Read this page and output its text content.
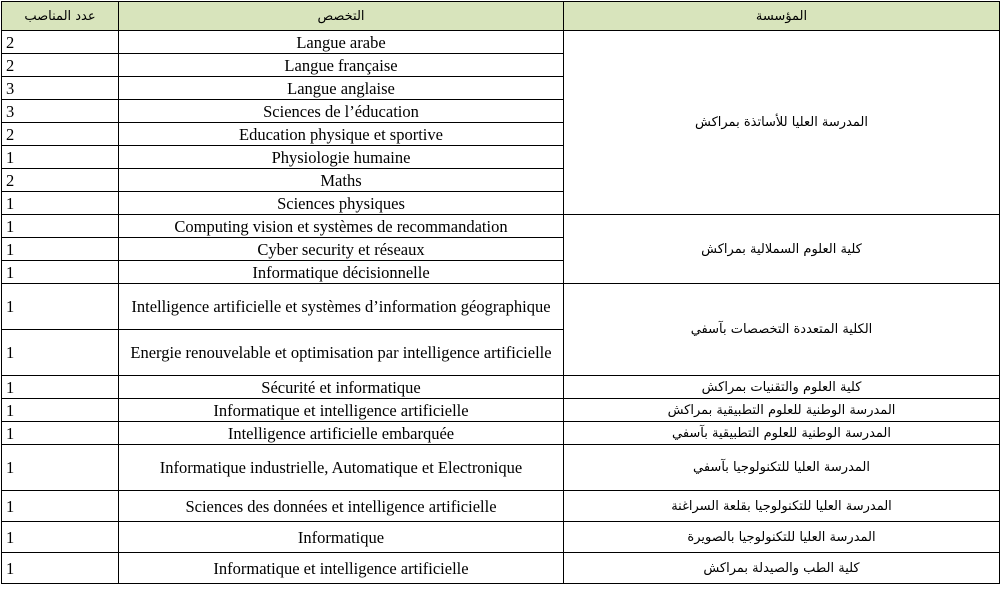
عدد المناصب	التخصص	المؤسسة
2	Langue arabe	المدرسة العليا للأساتذة بمراكش
2	Langue française	
3	Langue anglaise	
3	Sciences de l’éducation	
2	Education physique et sportive	
1	Physiologie humaine	
2	Maths	
1	Sciences physiques	
1	Computing vision et systèmes de recommandation	كلية العلوم السملالية بمراكش
1	Cyber security et réseaux	
1	Informatique décisionnelle	
1	Intelligence artificielle et systèmes d’information géographique	الكلية المتعددة التخصصات بآسفي
1	Energie renouvelable et optimisation par intelligence artificielle	
1	Sécurité et informatique	كلية العلوم والتقنيات بمراكش
1	Informatique et intelligence artificielle	المدرسة الوطنية للعلوم التطبيقية بمراكش
1	Intelligence artificielle embarquée	المدرسة الوطنية للعلوم التطبيقية بآسفي
1	Informatique industrielle, Automatique et Electronique	المدرسة العليا للتكنولوجيا بآسفي
1	Sciences des données et intelligence artificielle	المدرسة العليا للتكنولوجيا بقلعة السراغنة
1	Informatique	المدرسة العليا للتكنولوجيا بالصويرة
1	Informatique et intelligence artificielle	كلية الطب والصيدلة بمراكش
